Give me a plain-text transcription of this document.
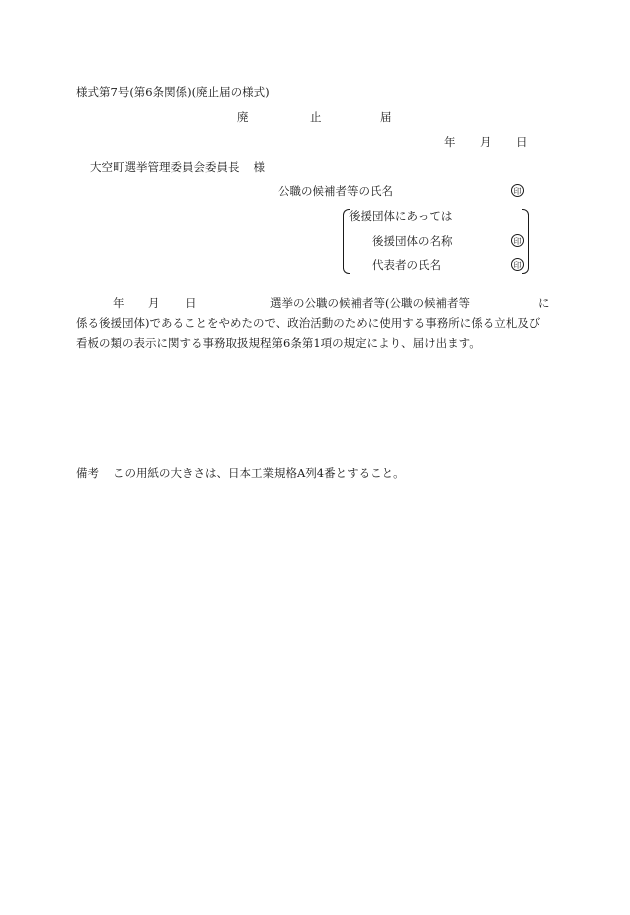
様式第7号(第6条関係)(廃止届の様式)
廃	止	届
年 月 日
大空町選挙管理委員会委員長 様
公職の候補者等の氏名	印
後援団体にあっては
後援団体の名称	印
代表者の氏名	印
年 月 日	選挙の公職の候補者等(公職の候補者等	に
係る後援団体)であることをやめたので、政治活動のために使用する事務所に係る立札及び
看板の類の表示に関する事務取扱規程第6条第1項の規定により、届け出ます。
備考 この用紙の大きさは、日本工業規格A列4番とすること。
